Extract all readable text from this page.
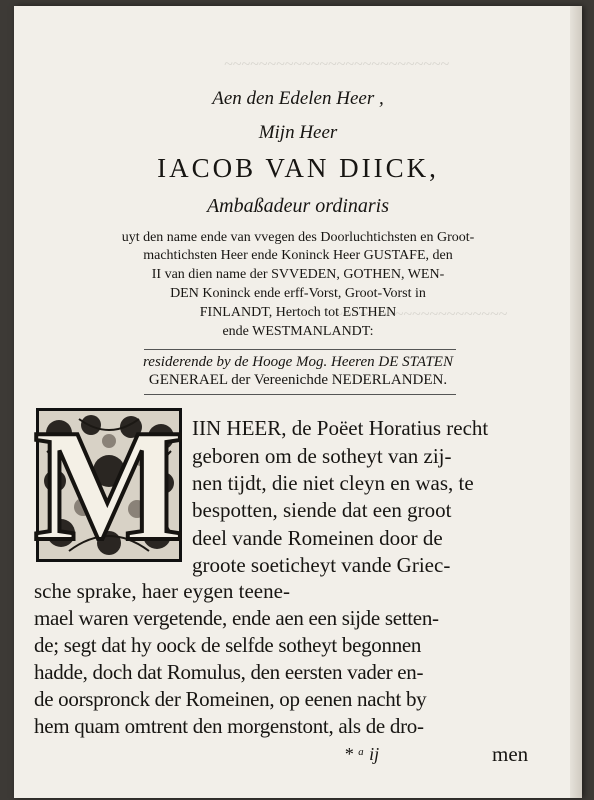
~~~~~~~~~~~~~~~~~~~~~~~~~~
~~~~~~~~~~~~~~~~~~~~
Aen den Edelen Heer ,
Mijn Heer
IACOB VAN DIICK,
Ambaßadeur ordinaris
uyt den name ende van vvegen des Doorluchtichsten en Groot-
machtichsten Heer ende Koninck Heer GUSTAFE, den
II van dien name der SVVEDEN, GOTHEN, WEN-
DEN Koninck ende erff-Vorst, Groot-Vorst in
FINLANDT, Hertoch tot ESTHEN
ende WESTMANLANDT:
residerende by de Hooge Mog. Heeren DE STATEN
GENERAEL der Vereenichde NEDERLANDEN.
M IIN HEER, de Poëet Horatius recht
geboren om de sotheyt van zij-
nen tijdt, die niet cleyn en was, te
bespotten, siende dat een groot
deel vande Romeinen door de
groote soeticheyt vande Griec-
sche sprake, haer eygen teene-
mael waren vergetende, ende aen een sijde setten-
de; segt dat hy oock de selfde sotheyt begonnen
hadde, doch dat Romulus, den eersten vader en-
de oorspronck der Romeinen, op eenen nacht by
hem quam omtrent den morgenstont, als de dro-
* ᵃ ij	men
